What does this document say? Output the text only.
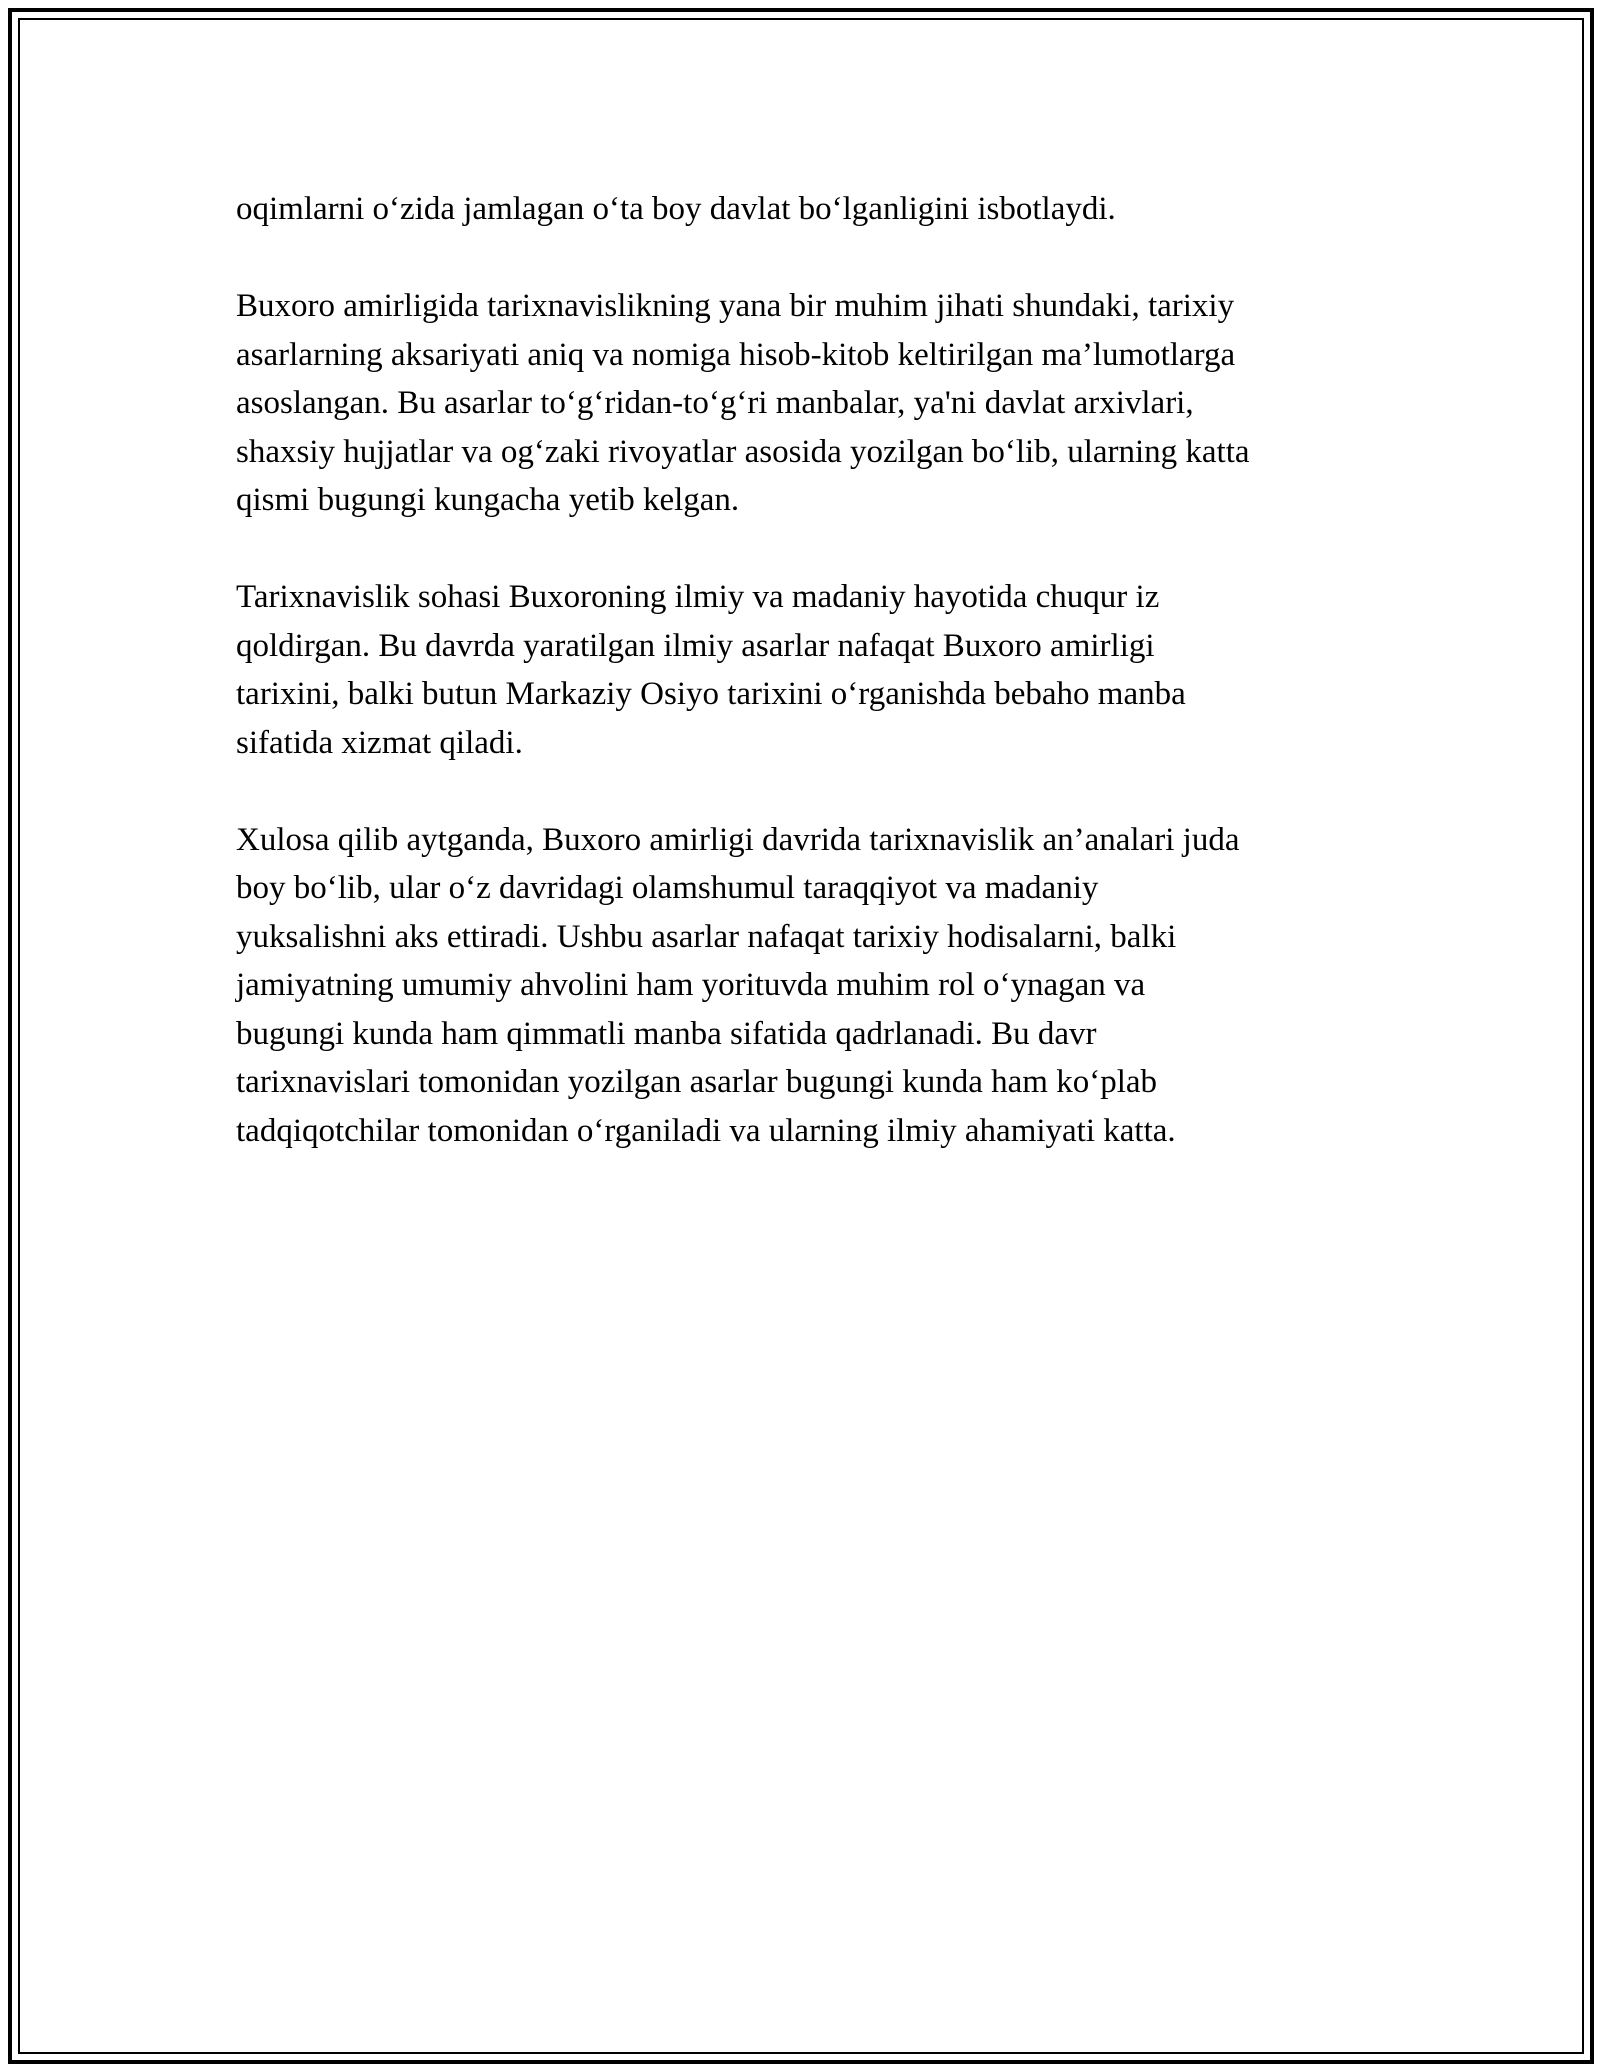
oqimlarni o‘zida jamlagan o‘ta boy davlat bo‘lganligini isbotlaydi.

Buxoro amirligida tarixnavislikning yana bir muhim jihati shundaki, tarixiy
asarlarning aksariyati aniq va nomiga hisob-kitob keltirilgan ma’lumotlarga
asoslangan. Bu asarlar to‘g‘ridan-to‘g‘ri manbalar, ya'ni davlat arxivlari,
shaxsiy hujjatlar va og‘zaki rivoyatlar asosida yozilgan bo‘lib, ularning katta
qismi bugungi kungacha yetib kelgan.

Tarixnavislik sohasi Buxoroning ilmiy va madaniy hayotida chuqur iz
qoldirgan. Bu davrda yaratilgan ilmiy asarlar nafaqat Buxoro amirligi
tarixini, balki butun Markaziy Osiyo tarixini o‘rganishda bebaho manba
sifatida xizmat qiladi.

Xulosa qilib aytganda, Buxoro amirligi davrida tarixnavislik an’analari juda
boy bo‘lib, ular o‘z davridagi olamshumul taraqqiyot va madaniy
yuksalishni aks ettiradi. Ushbu asarlar nafaqat tarixiy hodisalarni, balki
jamiyatning umumiy ahvolini ham yorituvda muhim rol o‘ynagan va
bugungi kunda ham qimmatli manba sifatida qadrlanadi. Bu davr
tarixnavislari tomonidan yozilgan asarlar bugungi kunda ham ko‘plab
tadqiqotchilar tomonidan o‘rganiladi va ularning ilmiy ahamiyati katta.
